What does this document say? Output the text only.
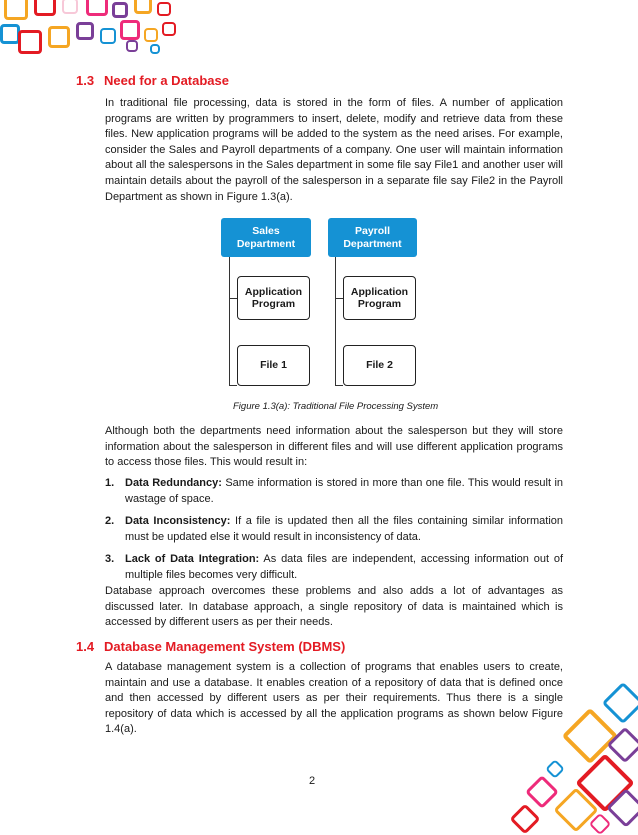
1.3 Need for a Database

In traditional file processing, data is stored in the form of files. A number of application programs are written by programmers to insert, delete, modify and retrieve data from these files. New application programs will be added to the system as the need arises. For example, consider the Sales and Payroll departments of a company. One user will maintain information about all the salespersons in the Sales department in some file say File1 and another user will maintain details about the payroll of the salesperson in a separate file say File2 in the Payroll Department as shown in Figure 1.3(a).

Sales Department
Payroll Department
Application Program
Application Program
File 1	File 2
Figure 1.3(a): Traditional File Processing System

Although both the departments need information about the salesperson but they will store information about the salesperson in different files and will use different application programs to access those files. This would result in:

1. Data Redundancy: Same information is stored in more than one file. This would result in wastage of space.
2. Data Inconsistency: If a file is updated then all the files containing similar information must be updated else it would result in inconsistency of data.
3. Lack of Data Integration: As data files are independent, accessing information out of multiple files becomes very difficult.

Database approach overcomes these problems and also adds a lot of advantages as discussed later. In database approach, a single repository of data is maintained which is accessed by different users as per their needs.

1.4 Database Management System (DBMS)

A database management system is a collection of programs that enables users to create, maintain and use a database. It enables creation of a repository of data that is defined once and then accessed by different users as per their requirements. Thus there is a single repository of data which is accessed by all the application programs as shown below Figure 1.4(a).

2
